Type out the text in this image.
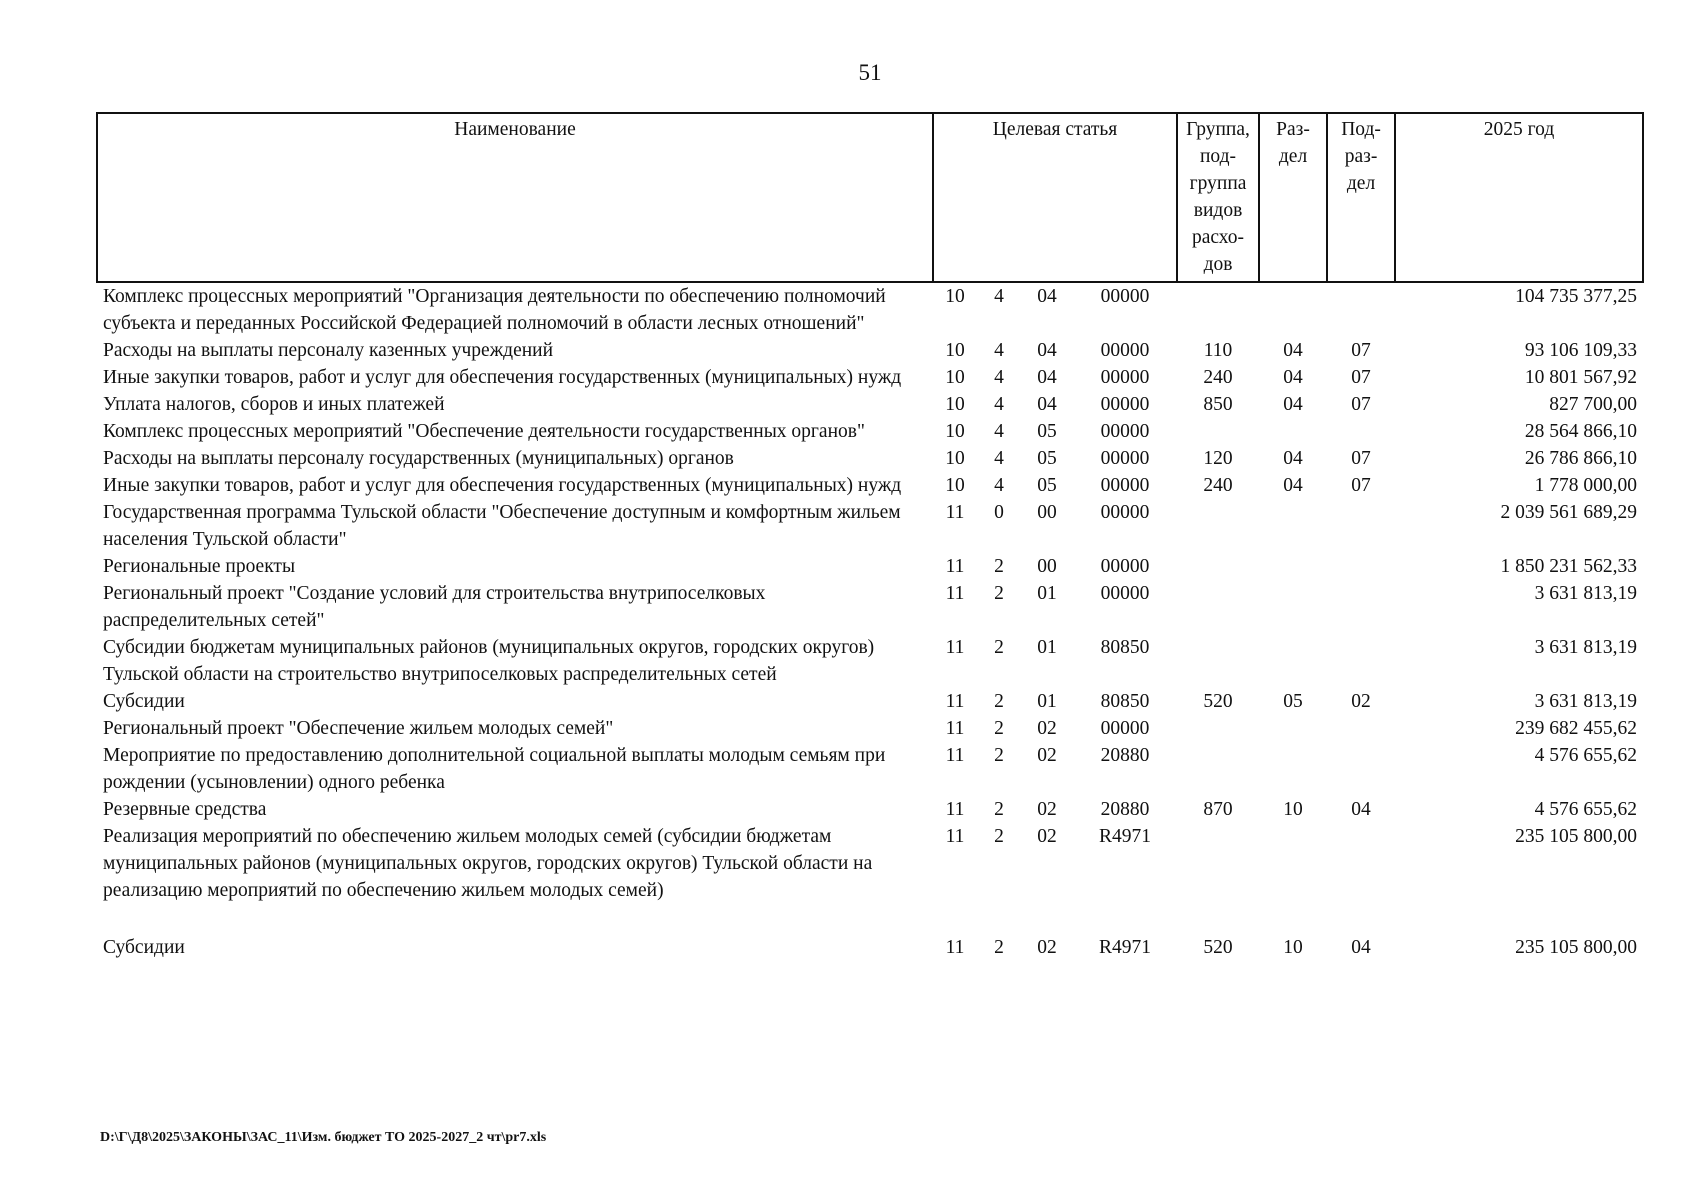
51
Наименование	Целевая статья				Группа, под- группа видов расхо- дов	Раз- дел	Под- раз- дел	2025 год
Комплекс процессных мероприятий "Организация деятельности по обеспечению полномочий субъекта и переданных Российской Федерацией полномочий в области лесных отношений"	10	4	04	00000				104 735 377,25
Расходы на выплаты персоналу казенных учреждений	10	4	04	00000	110	04	07	93 106 109,33
Иные закупки товаров, работ и услуг для обеспечения государственных (муниципальных) нужд	10	4	04	00000	240	04	07	10 801 567,92
Уплата налогов, сборов и иных платежей	10	4	04	00000	850	04	07	827 700,00
Комплекс процессных мероприятий "Обеспечение деятельности государственных органов"	10	4	05	00000				28 564 866,10
Расходы на выплаты персоналу государственных (муниципальных) органов	10	4	05	00000	120	04	07	26 786 866,10
Иные закупки товаров, работ и услуг для обеспечения государственных (муниципальных) нужд	10	4	05	00000	240	04	07	1 778 000,00
Государственная программа Тульской области "Обеспечение доступным и комфортным жильем населения Тульской области"	11	0	00	00000				2 039 561 689,29
Региональные проекты	11	2	00	00000				1 850 231 562,33
Региональный проект "Создание условий для строительства внутрипоселковых распределительных сетей"	11	2	01	00000				3 631 813,19
Субсидии бюджетам муниципальных районов (муниципальных округов, городских округов) Тульской области на строительство внутрипоселковых распределительных сетей	11	2	01	80850				3 631 813,19
Субсидии	11	2	01	80850	520	05	02	3 631 813,19
Региональный проект "Обеспечение жильем молодых семей"	11	2	02	00000				239 682 455,62
Мероприятие по предоставлению дополнительной социальной выплаты молодым семьям при рождении (усыновлении) одного ребенка	11	2	02	20880				4 576 655,62
Резервные средства	11	2	02	20880	870	10	04	4 576 655,62
Реализация мероприятий по обеспечению жильем молодых семей (субсидии бюджетам муниципальных районов (муниципальных округов, городских округов) Тульской области на реализацию мероприятий по обеспечению жильем молодых семей)	11	2	02	R4971				235 105 800,00
Субсидии	11	2	02	R4971	520	10	04	235 105 800,00
D:\Г\Д8\2025\ЗАКОНЫ\ЗАС_11\Изм. бюджет ТО 2025-2027_2 чт\pr7.xls
